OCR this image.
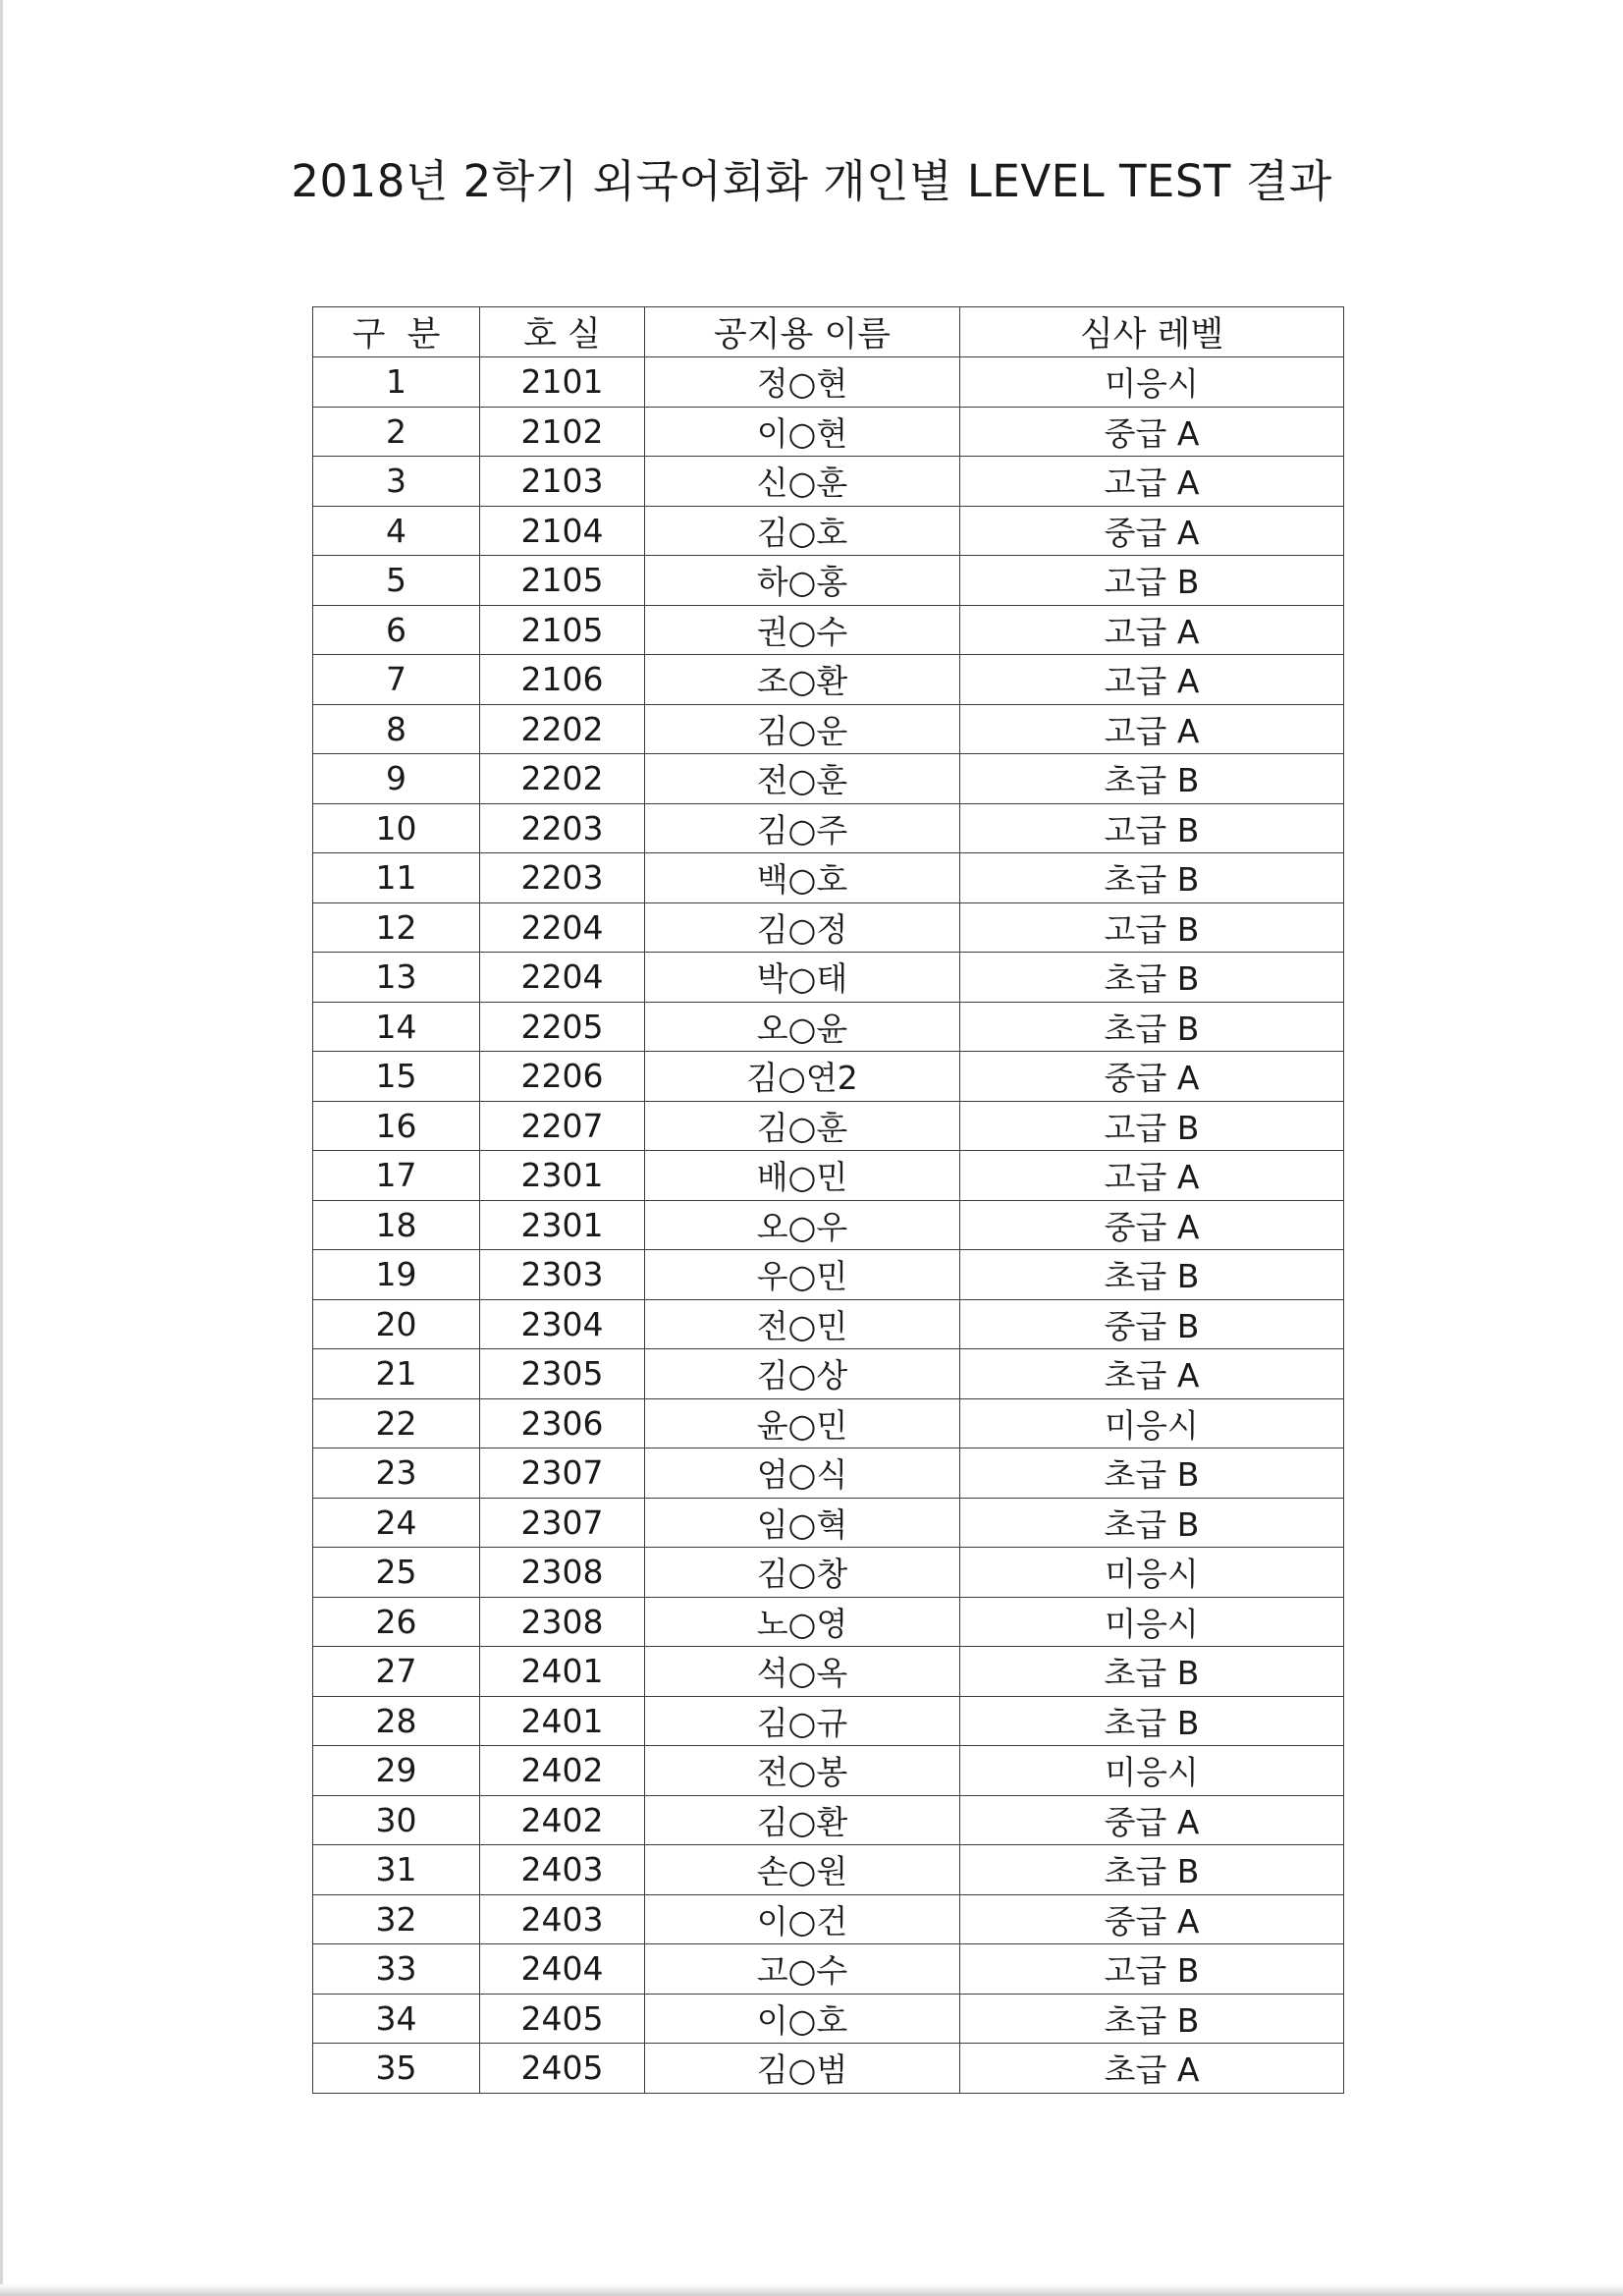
2018년 2학기 외국어회화 개인별 LEVEL TEST 결과
구  분	호 실	공지용 이름	심사 레벨
1	2101	정○현	미응시
2	2102	이○현	중급 A
3	2103	신○훈	고급 A
4	2104	김○호	중급 A
5	2105	하○홍	고급 B
6	2105	권○수	고급 A
7	2106	조○환	고급 A
8	2202	김○운	고급 A
9	2202	전○훈	초급 B
10	2203	김○주	고급 B
11	2203	백○호	초급 B
12	2204	김○정	고급 B
13	2204	박○태	초급 B
14	2205	오○윤	초급 B
15	2206	김○연2	중급 A
16	2207	김○훈	고급 B
17	2301	배○민	고급 A
18	2301	오○우	중급 A
19	2303	우○민	초급 B
20	2304	전○민	중급 B
21	2305	김○상	초급 A
22	2306	윤○민	미응시
23	2307	엄○식	초급 B
24	2307	임○혁	초급 B
25	2308	김○창	미응시
26	2308	노○영	미응시
27	2401	석○옥	초급 B
28	2401	김○규	초급 B
29	2402	전○봉	미응시
30	2402	김○환	중급 A
31	2403	손○원	초급 B
32	2403	이○건	중급 A
33	2404	고○수	고급 B
34	2405	이○호	초급 B
35	2405	김○범	초급 A
